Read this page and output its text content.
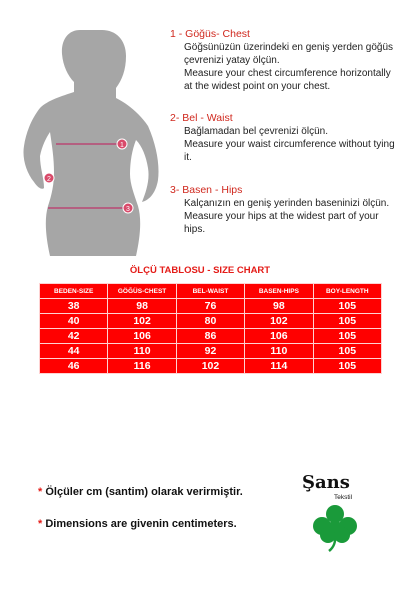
1
2
3
1 - Göğüs- Chest
Göğsünüzün üzerindeki en geniş yerden göğüs çevrenizi yatay ölçün.
Measure your chest circumference horizontally at the widest point on your chest.
2- Bel - Waist
Bağlamadan bel çevrenizi ölçün.
Measure your waist circumference without tying it.
3- Basen - Hips
Kalçanızın en geniş yerinden baseninizi ölçün.
Measure your hips at the widest part of your hips.
ÖLÇÜ TABLOSU - SIZE CHART
BEDEN-SIZE	GÖĞÜS-CHEST	BEL-WAIST	BASEN-HIPS	BOY-LENGTH
38	98	76	98	105
40	102	80	102	105
42	106	86	106	105
44	110	92	110	105
46	116	102	114	105
* Ölçüler cm (santim) olarak verirmiştir.
* Dimensions are givenin centimeters.
Şans
Tekstil
